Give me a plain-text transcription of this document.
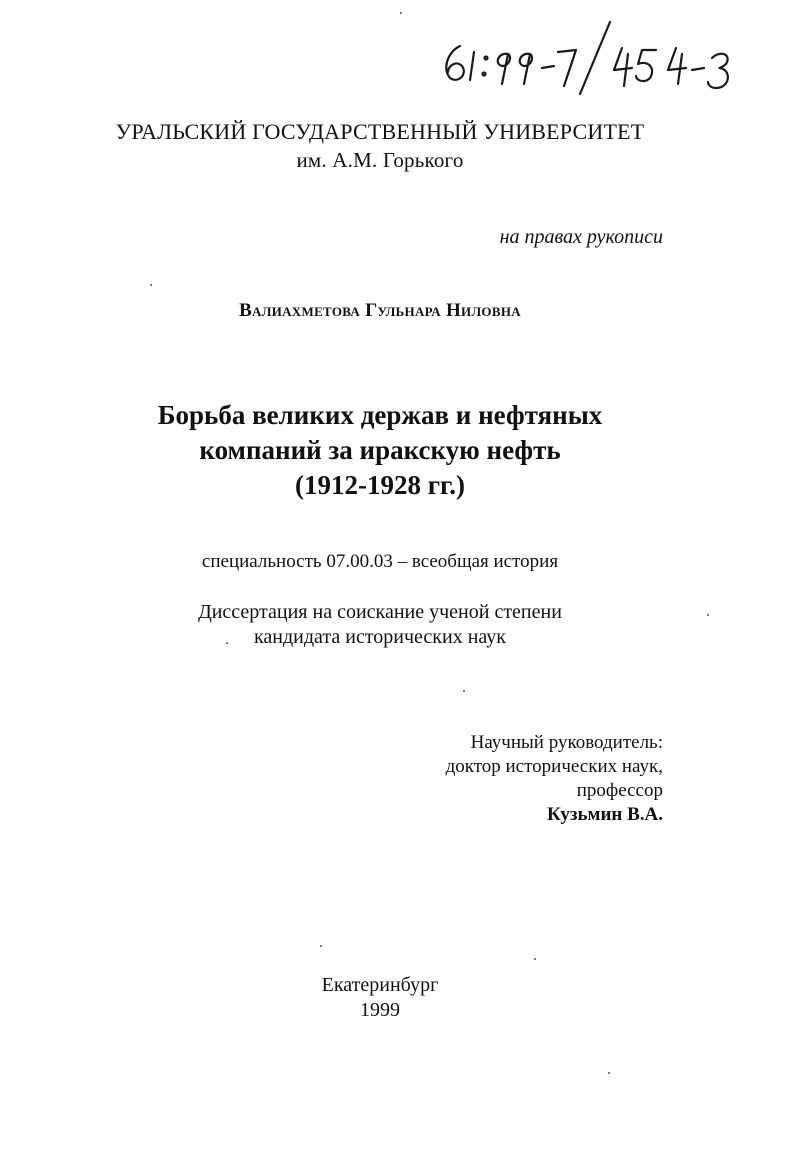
УРАЛЬСКИЙ ГОСУДАРСТВЕННЫЙ УНИВЕРСИТЕТ
им. А.М. Горького
на правах рукописи
Валиахметова Гульнара Ниловна
Борьба великих держав и нефтяных
компаний за иракскую нефть
(1912-1928 гг.)
специальность 07.00.03 – всеобщая история
Диссертация на соискание ученой степени
кандидата исторических наук
Научный руководитель:
доктор исторических наук,
профессор
Кузьмин В.А.
Екатеринбург
1999
